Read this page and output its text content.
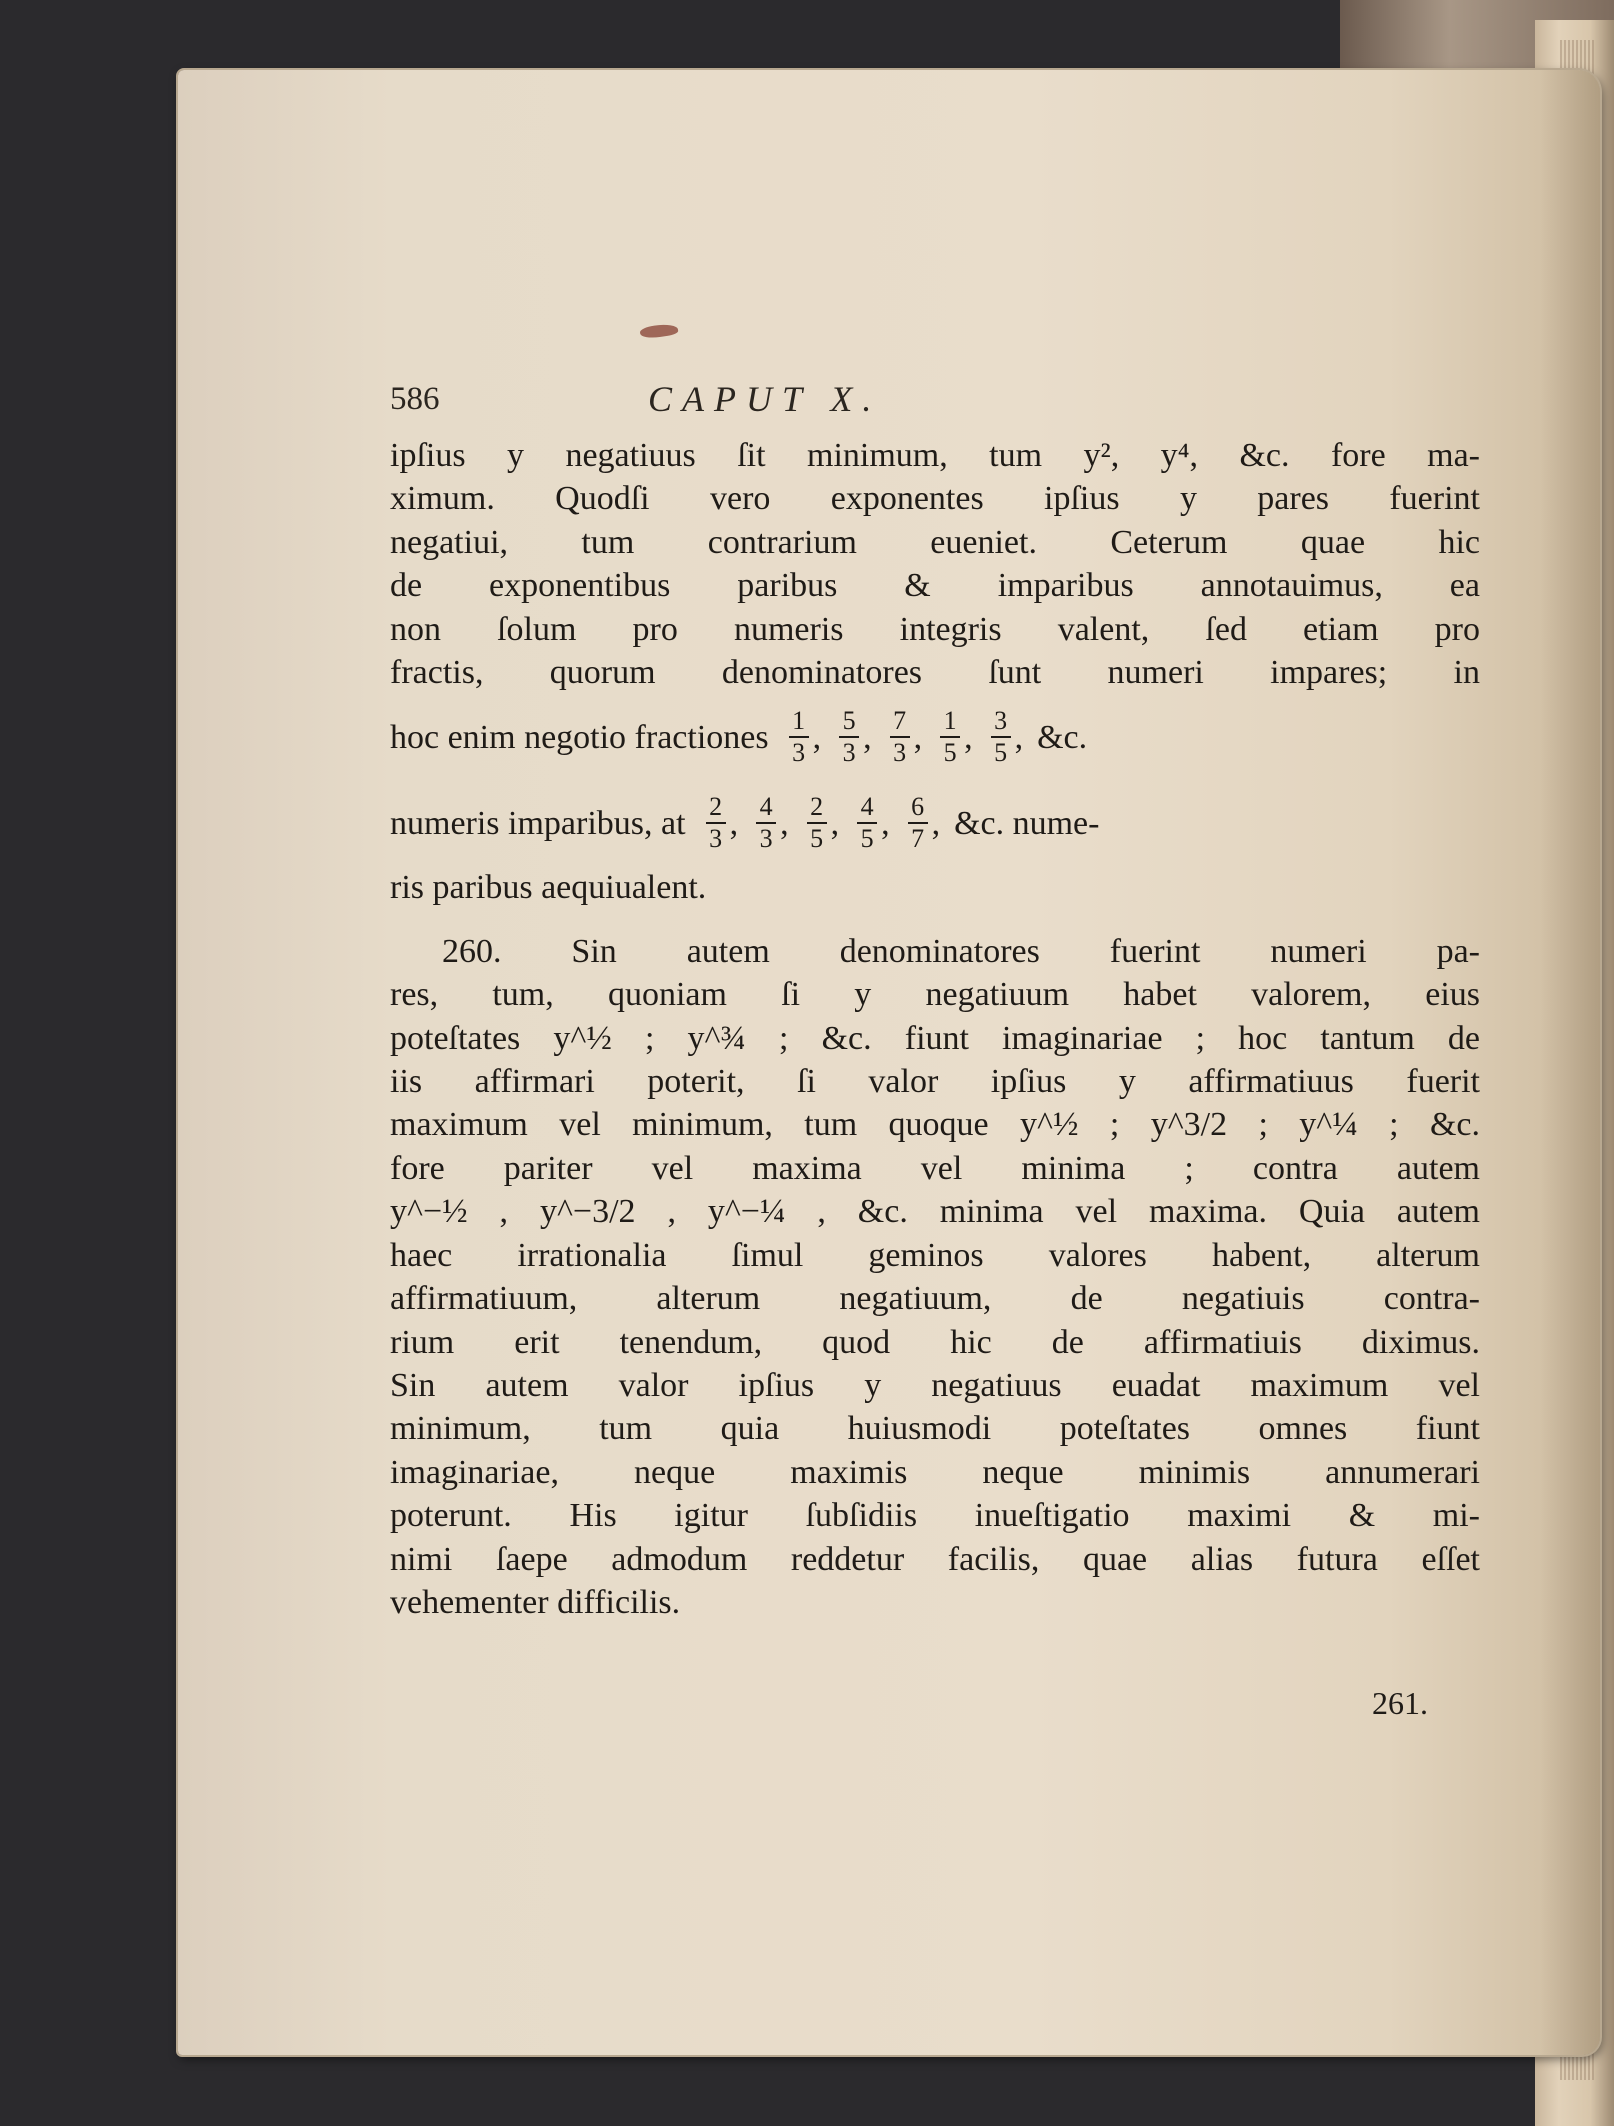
586	CAPUT X.
ipſius y negatiuus ſit minimum, tum y², y⁴, &c. fore ma-
ximum. Quodſi vero exponentes ipſius y pares fuerint
negatiui, tum contrarium eueniet. Ceterum quae hic
de exponentibus paribus & imparibus annotauimus, ea
non ſolum pro numeris integris valent, ſed etiam pro
fractis, quorum denominatores ſunt numeri impares; in
hoc enim negotio fractiones $\frac{1}{3}$ , $\frac{5}{3}$ , $\frac{7}{3}$ , $\frac{1}{5}$ , $\frac{3}{5}$ , &c.
numeris imparibus, at $\frac{2}{3}$ , $\frac{4}{3}$ , $\frac{2}{5}$ , $\frac{4}{5}$ , $\frac{6}{7}$ , &c. nume-
ris paribus aequiualent.
260. Sin autem denominatores fuerint numeri pa-
res, tum, quoniam ſi y negatiuum habet valorem, eius
poteſtates y^½ ; y^¾ ; &c. fiunt imaginariae ; hoc tantum de
iis affirmari poterit, ſi valor ipſius y affirmatiuus fuerit
maximum vel minimum, tum quoque y^½ ; y^3/2 ; y^¼ ; &c.
fore pariter vel maxima vel minima ; contra autem
y^−½ , y^−3/2 , y^−¼ , &c. minima vel maxima. Quia autem
haec irrationalia ſimul geminos valores habent, alterum
affirmatiuum, alterum negatiuum, de negatiuis contra-
rium erit tenendum, quod hic de affirmatiuis diximus.
Sin autem valor ipſius y negatiuus euadat maximum vel
minimum, tum quia huiusmodi poteſtates omnes fiunt
imaginariae, neque maximis neque minimis annumerari
poterunt. His igitur ſubſidiis inueſtigatio maximi & mi-
nimi ſaepe admodum reddetur facilis, quae alias futura eſſet
vehementer difficilis.
261.
